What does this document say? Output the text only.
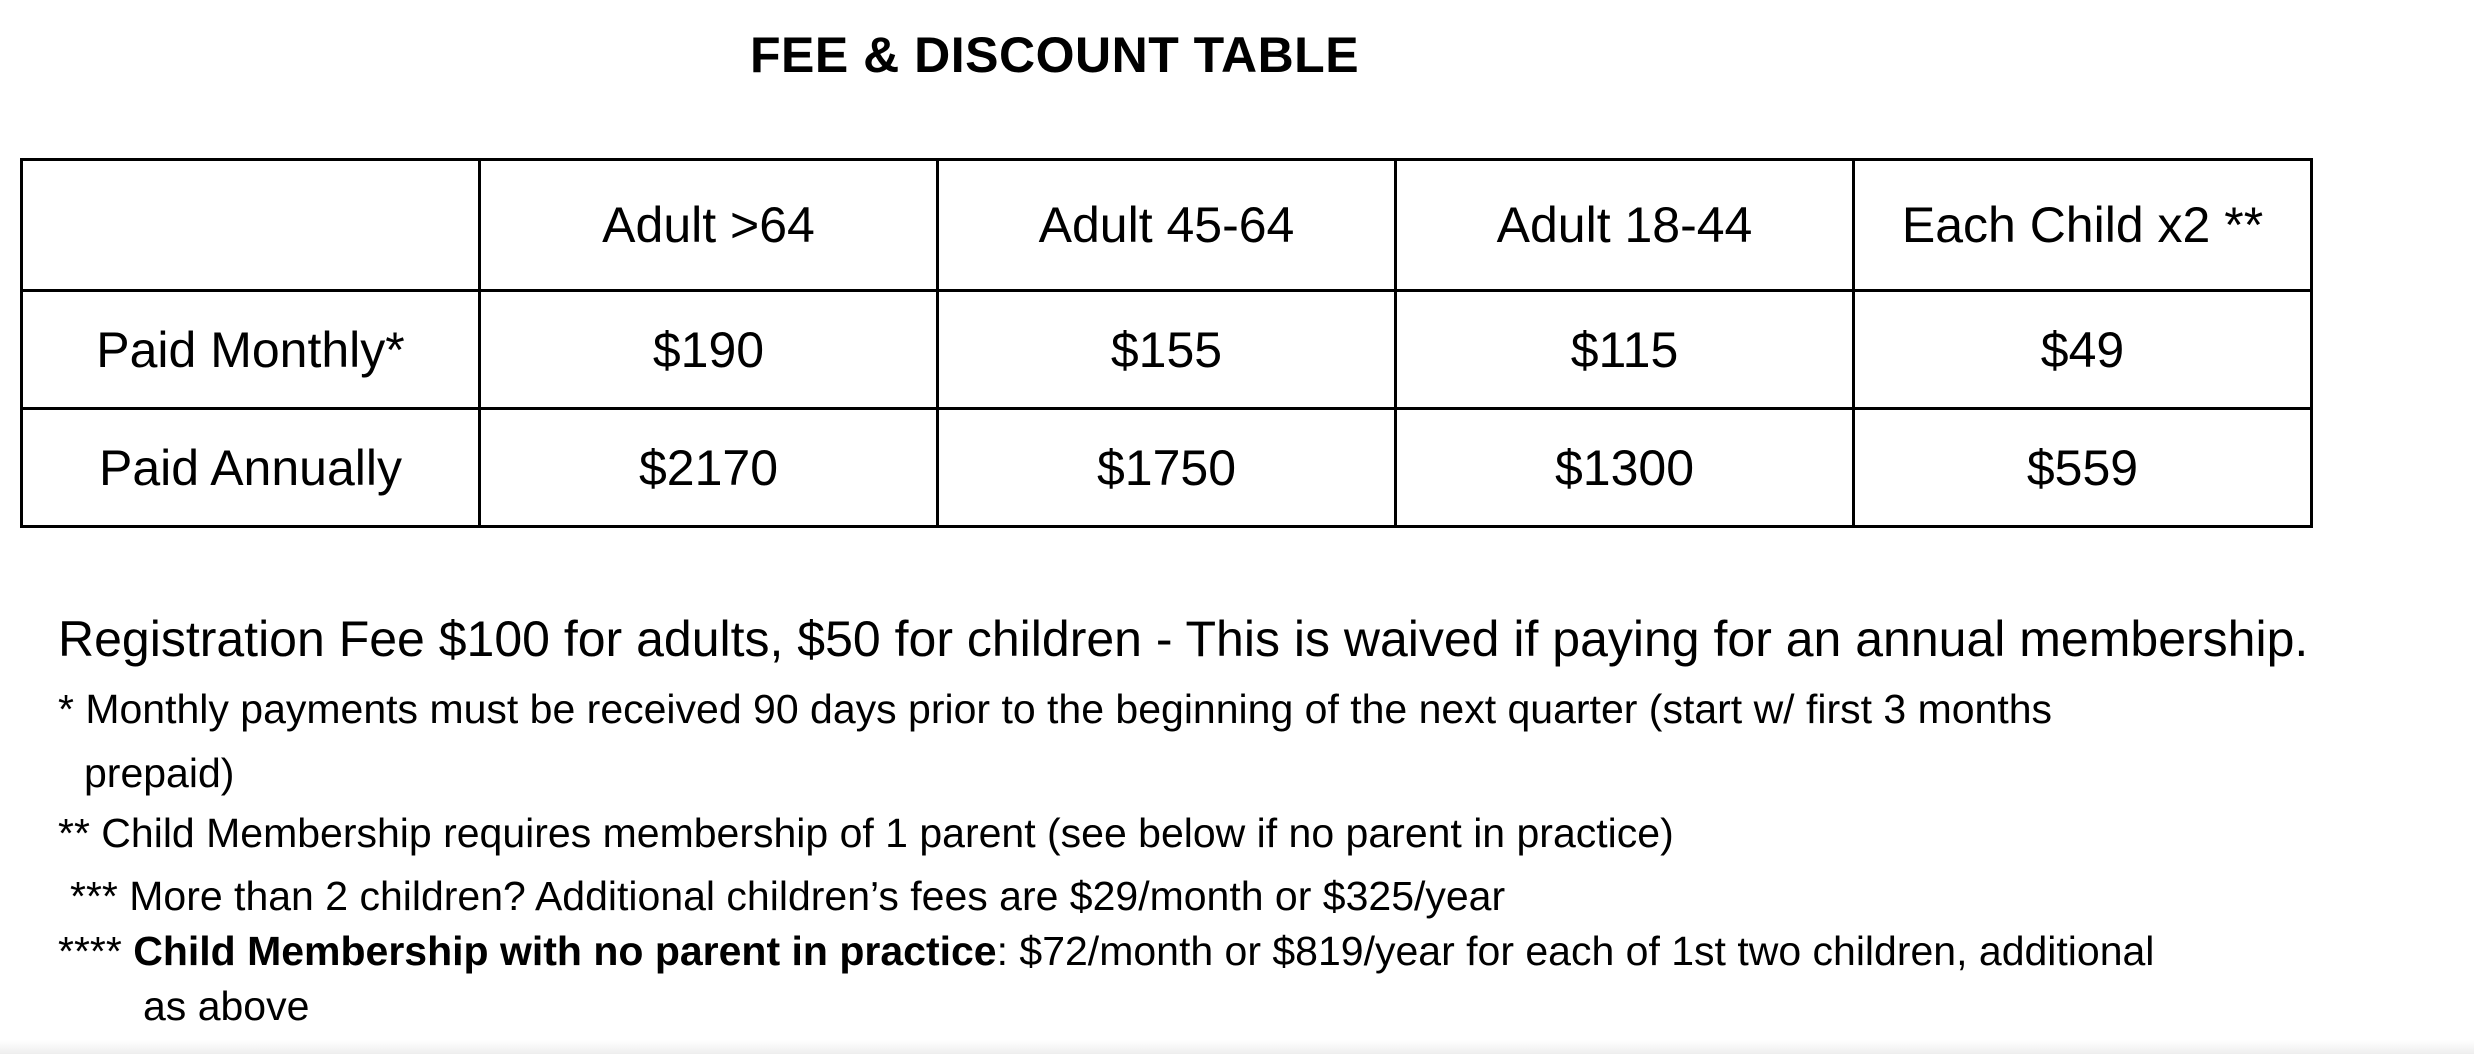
FEE & DISCOUNT TABLE
	Adult >64	Adult 45-64	Adult 18-44	Each Child x2 **
Paid Monthly*	$190	$155	$115	$49
Paid Annually	$2170	$1750	$1300	$559
Registration Fee $100 for adults, $50 for children - This is waived if paying for an annual membership.
* Monthly payments must be received 90 days prior to the beginning of the next quarter (start w/ first 3 months
prepaid)
** Child Membership requires membership of 1 parent (see below if no parent in practice)
*** More than 2 children? Additional children’s fees are $29/month or $325/year
**** Child Membership with no parent in practice: $72/month or $819/year for each of 1st two children, additional
as above
